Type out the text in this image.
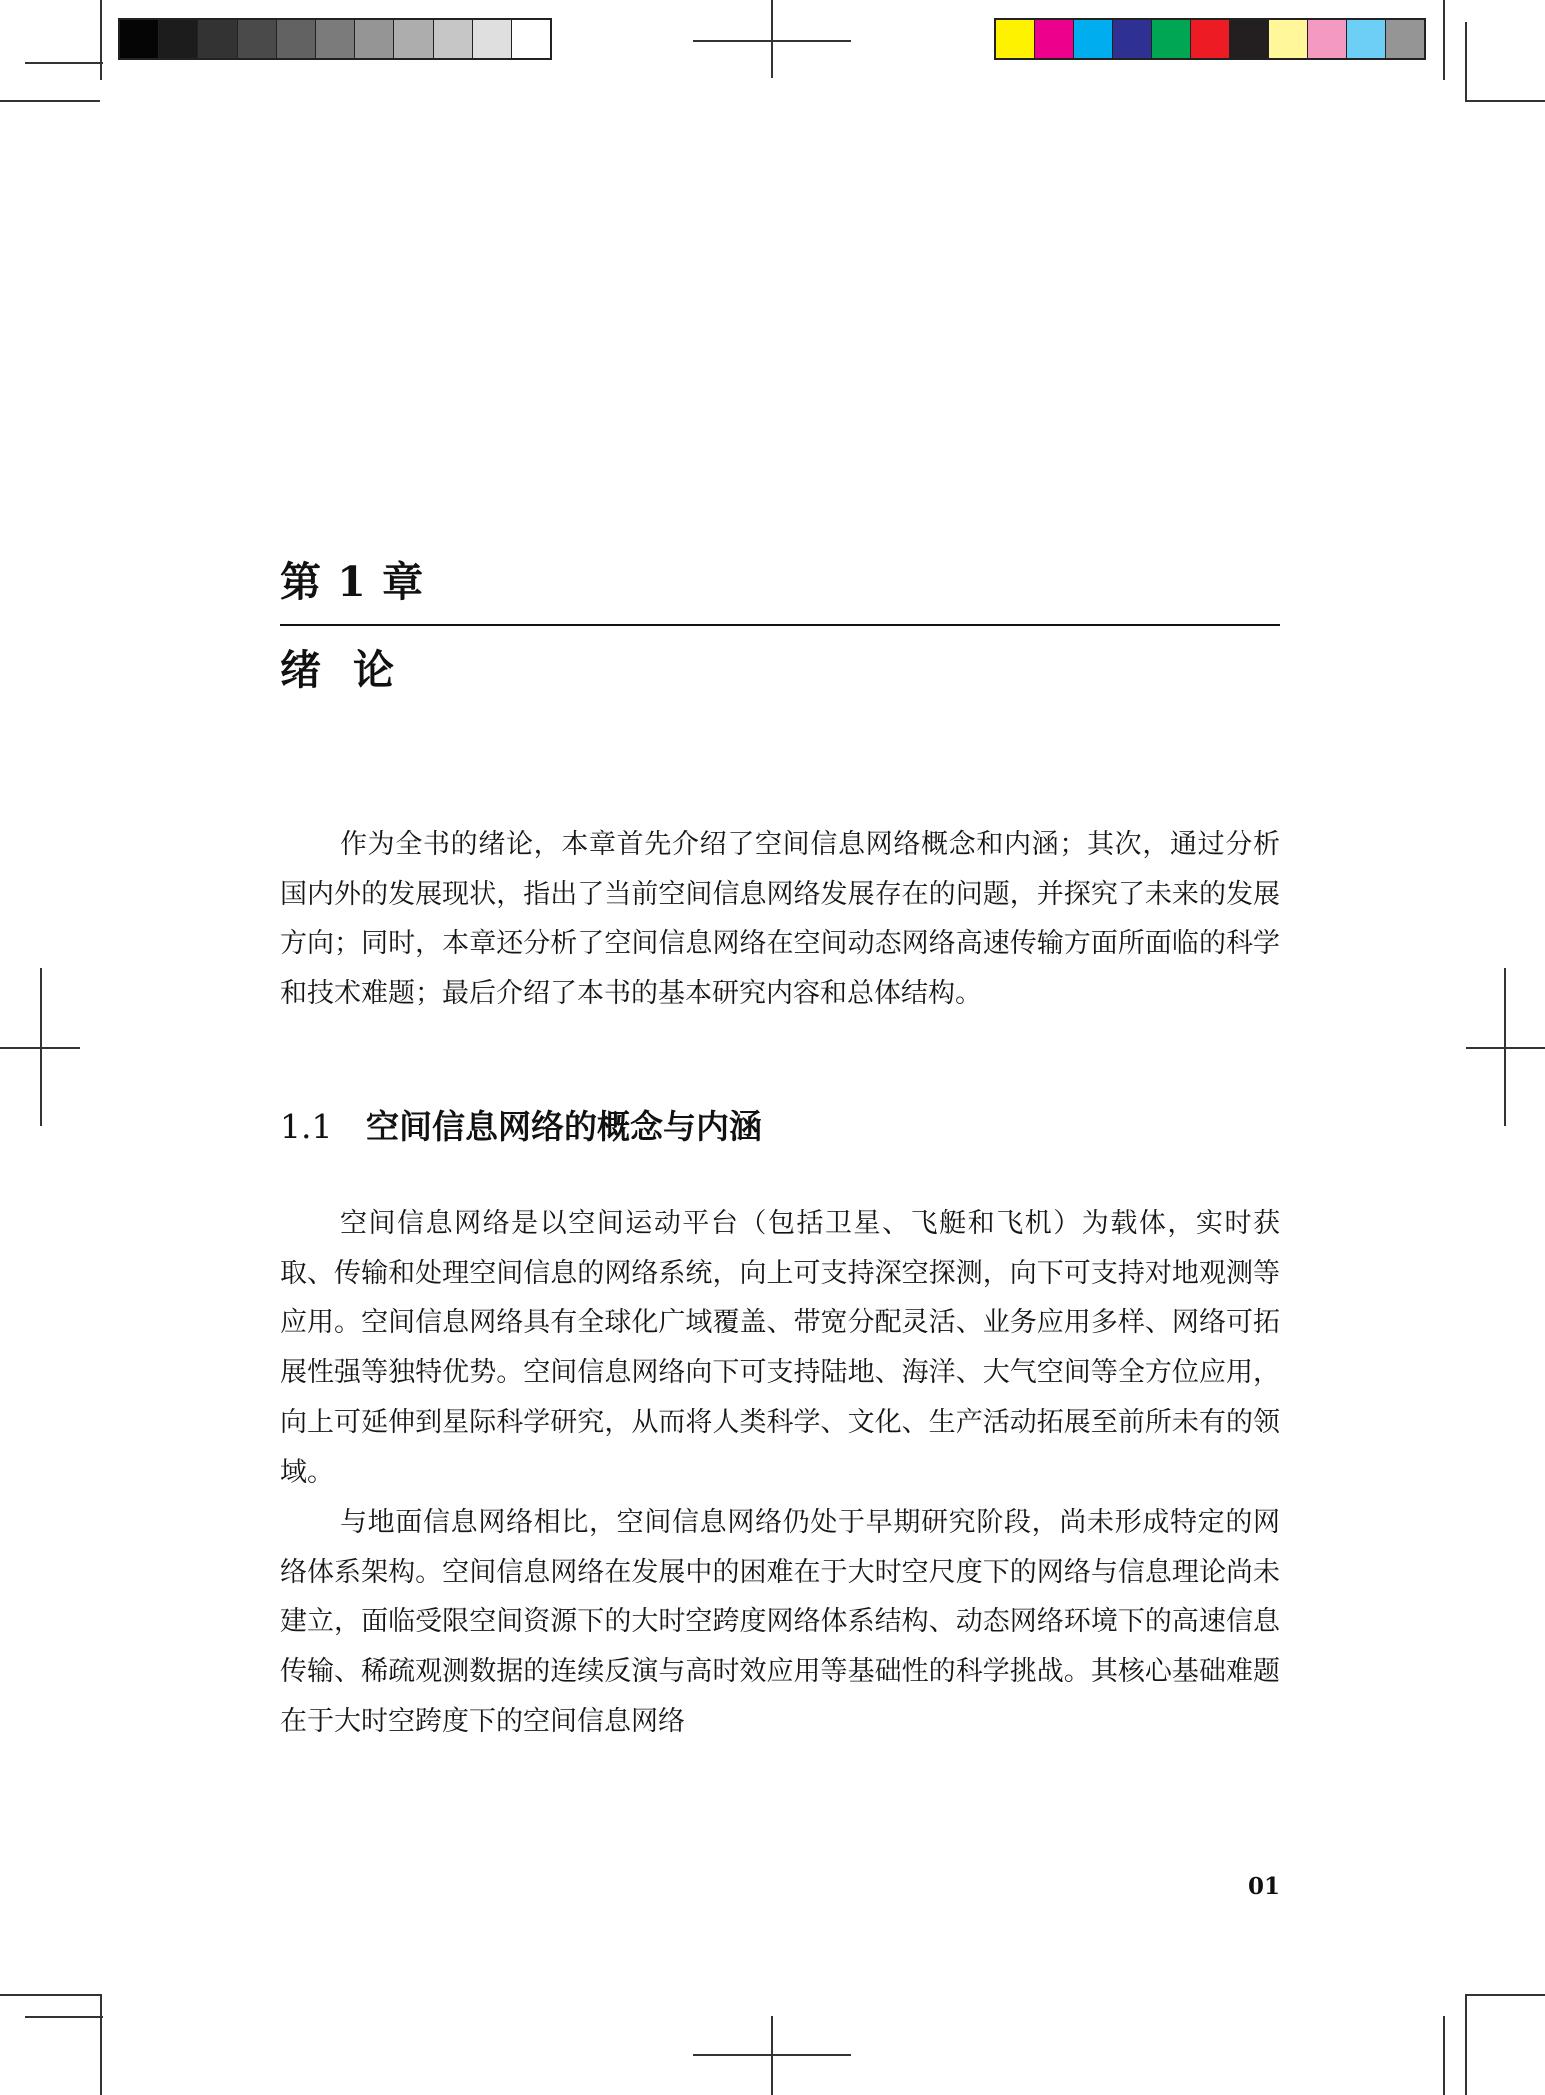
第 1 章
绪论

作为全书的绪论，本章首先介绍了空间信息网络概念和内涵；其次，通过分析国内外的发展现状，指出了当前空间信息网络发展存在的问题，并探究了未来的发展方向；同时，本章还分析了空间信息网络在空间动态网络高速传输方面所面临的科学和技术难题；最后介绍了本书的基本研究内容和总体结构。

1.1 空间信息网络的概念与内涵

空间信息网络是以空间运动平台（包括卫星、飞艇和飞机）为载体，实时获取、传输和处理空间信息的网络系统，向上可支持深空探测，向下可支持对地观测等应用。空间信息网络具有全球化广域覆盖、带宽分配灵活、业务应用多样、网络可拓展性强等独特优势。空间信息网络向下可支持陆地、海洋、大气空间等全方位应用，向上可延伸到星际科学研究，从而将人类科学、文化、生产活动拓展至前所未有的领域。

与地面信息网络相比，空间信息网络仍处于早期研究阶段，尚未形成特定的网络体系架构。空间信息网络在发展中的困难在于大时空尺度下的网络与信息理论尚未建立，面临受限空间资源下的大时空跨度网络体系结构、动态网络环境下的高速信息传输、稀疏观测数据的连续反演与高时效应用等基础性的科学挑战。其核心基础难题在于大时空跨度下的空间信息网络

01
